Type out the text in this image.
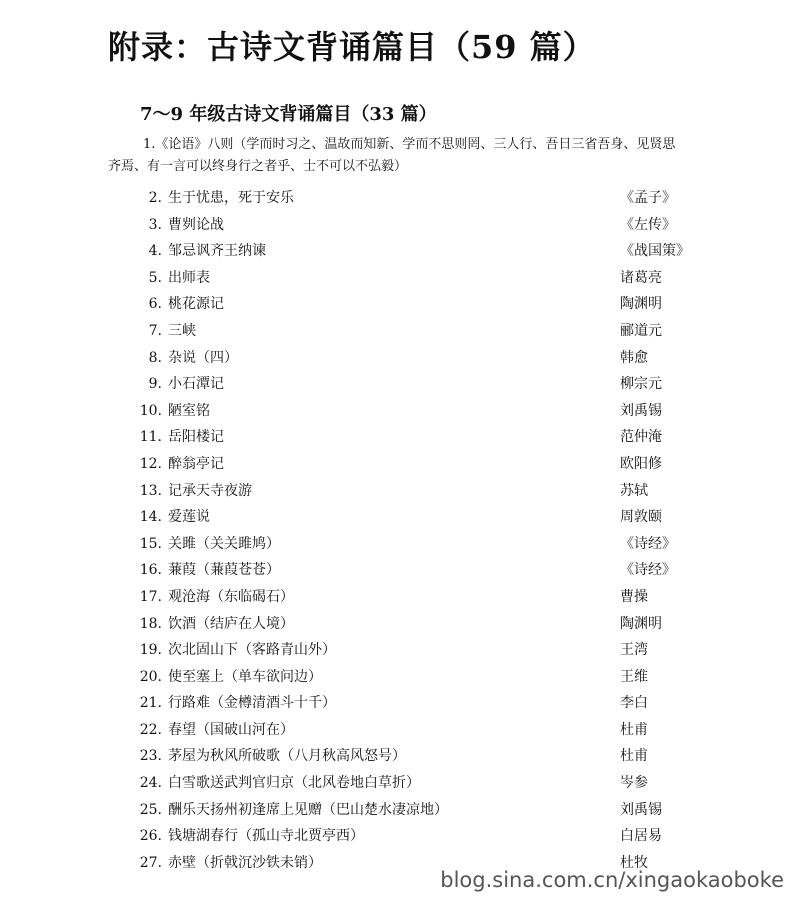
附录：古诗文背诵篇目（59 篇）
7～9 年级古诗文背诵篇目（33 篇）
1.《论语》八则（学而时习之、温故而知新、学而不思则罔、三人行、吾日三省吾身、见贤思齐焉、有一言可以终身行之者乎、士不可以不弘毅）
2. 生于忧患，死于安乐	《孟子》
3. 曹刿论战	《左传》
4. 邹忌讽齐王纳谏	《战国策》
5. 出师表	诸葛亮
6. 桃花源记	陶渊明
7. 三峡	郦道元
8. 杂说（四）	韩愈
9. 小石潭记	柳宗元
10. 陋室铭	刘禹锡
11. 岳阳楼记	范仲淹
12. 醉翁亭记	欧阳修
13. 记承天寺夜游	苏轼
14. 爱莲说	周敦颐
15. 关雎（关关雎鸠）	《诗经》
16. 蒹葭（蒹葭苍苍）	《诗经》
17. 观沧海（东临碣石）	曹操
18. 饮酒（结庐在人境）	陶渊明
19. 次北固山下（客路青山外）	王湾
20. 使至塞上（单车欲问边）	王维
21. 行路难（金樽清酒斗十千）	李白
22. 春望（国破山河在）	杜甫
23. 茅屋为秋风所破歌（八月秋高风怒号）	杜甫
24. 白雪歌送武判官归京（北风卷地白草折）	岑参
25. 酬乐天扬州初逢席上见赠（巴山楚水凄凉地）	刘禹锡
26. 钱塘湖春行（孤山寺北贾亭西）	白居易
27. 赤壁（折戟沉沙铁未销）	杜牧
blog.sina.com.cn/xingaokaoboke
